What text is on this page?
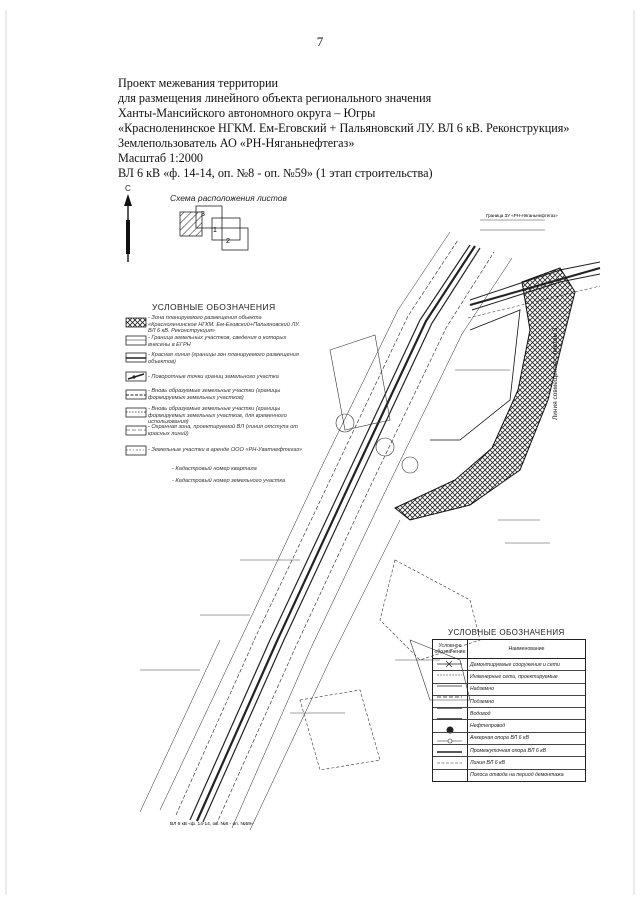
7
Проект межевания территории
для размещения линейного объекта регионального значения
Ханты-Мансийского автономного округа – Югры
«Красноленинское НГКМ. Ем-Еговский + Пальяновский ЛУ. ВЛ 6 кВ. Реконструкция»
Землепользователь АО «РН-Няганьнефтегаз»
Масштаб 1:2000
ВЛ 6 кВ «ф. 14-14, оп. №8 - оп. №59» (1 этап строительства)
С
Схема расположения листов
3
1
2
Граница ЗУ «РН-Няганьнефтегаз»
ВЛ 6 кВ «ф. 14-14, оп. №8 - оп. №59»
УСЛОВНЫЕ ОБОЗНАЧЕНИЯ
- Зона планируемого размещения объекта «Красноленинское НГКМ. Ем-Еговский+Пальяновский ЛУ. ВЛ 6 кВ. Реконструкция»
- Граница земельных участков, сведения о которых внесены в ЕГРН
- Красная линия (границы зон планируемого размещения объектов)
- Поворотные точки границ земельного участка
- Вновь образуемые земельные участки (границы формируемых земельных участков)
- Вновь образуемые земельные участки (границы формируемых земельных участков, для временного использования)
- Охранная зона, проектируемой ВЛ (линия отступа от красных линий)
- Земельные участки в аренде ООО «РН-Уватнефтегаз»
- Кадастровый номер квартала
- Кадастровый номер земельного участка
Линия совмещения с листом 3
УСЛОВНЫЕ ОБОЗНАЧЕНИЯ
Условное обозначение	Наименование
Демонтируемые сооружения и сети
Инженерные сети, проектируемые
Надземно
Подземно
Водовод
Нефтепровод
Анкерная опора ВЛ 6 кВ
Промежуточная опора ВЛ 6 кВ
Линия ВЛ 6 кВ
Полоса отвода на период демонтажа
